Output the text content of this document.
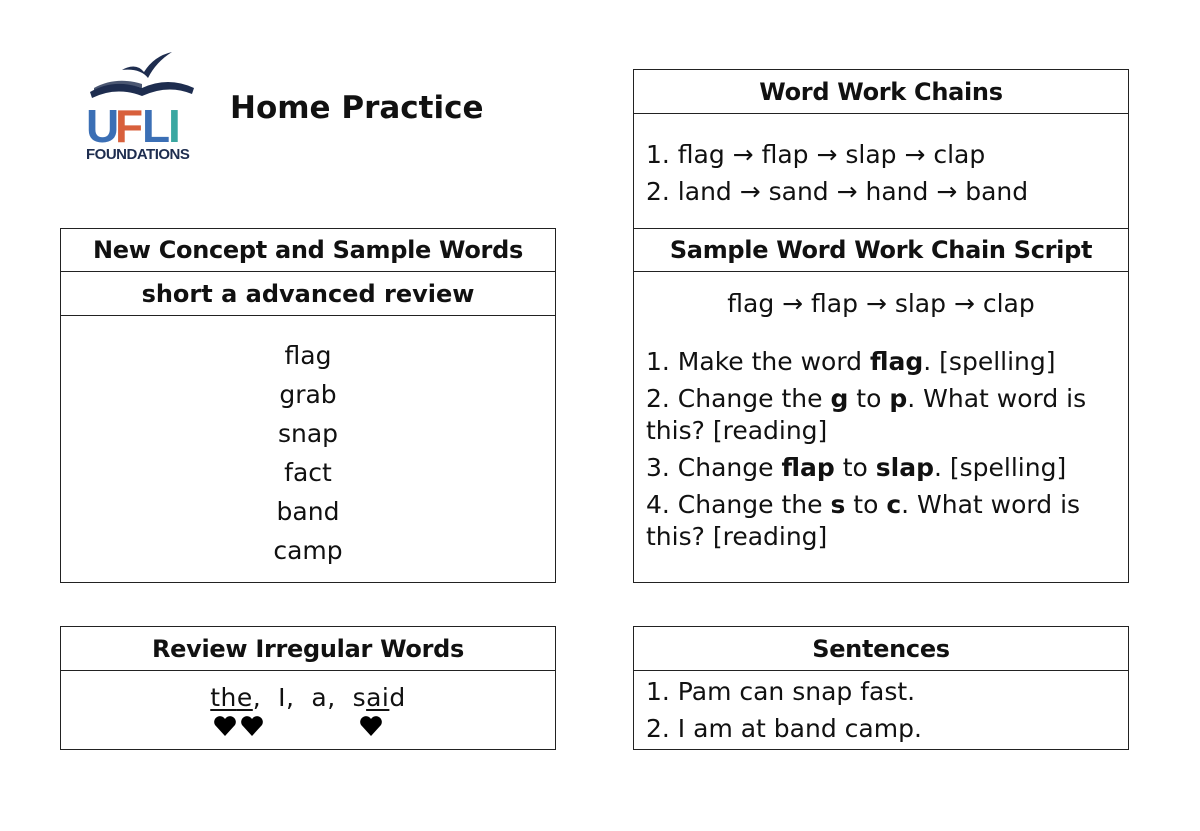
U
F
L
I
FOUNDATIONS
Home Practice
New Concept and Sample Words
short a advanced review
flag
grab
snap
fact
band
camp
Review Irregular Words
the, I, a, said
Word Work Chains
1. flag → flap → slap → clap
2. land → sand → hand → band
Sample Word Work Chain Script
flag → flap → slap → clap
1. Make the word flag. [spelling]
2. Change the g to p. What word is
this? [reading]
3. Change flap to slap. [spelling]
4. Change the s to c. What word is
this? [reading]
Sentences
1. Pam can snap fast.
2. I am at band camp.
